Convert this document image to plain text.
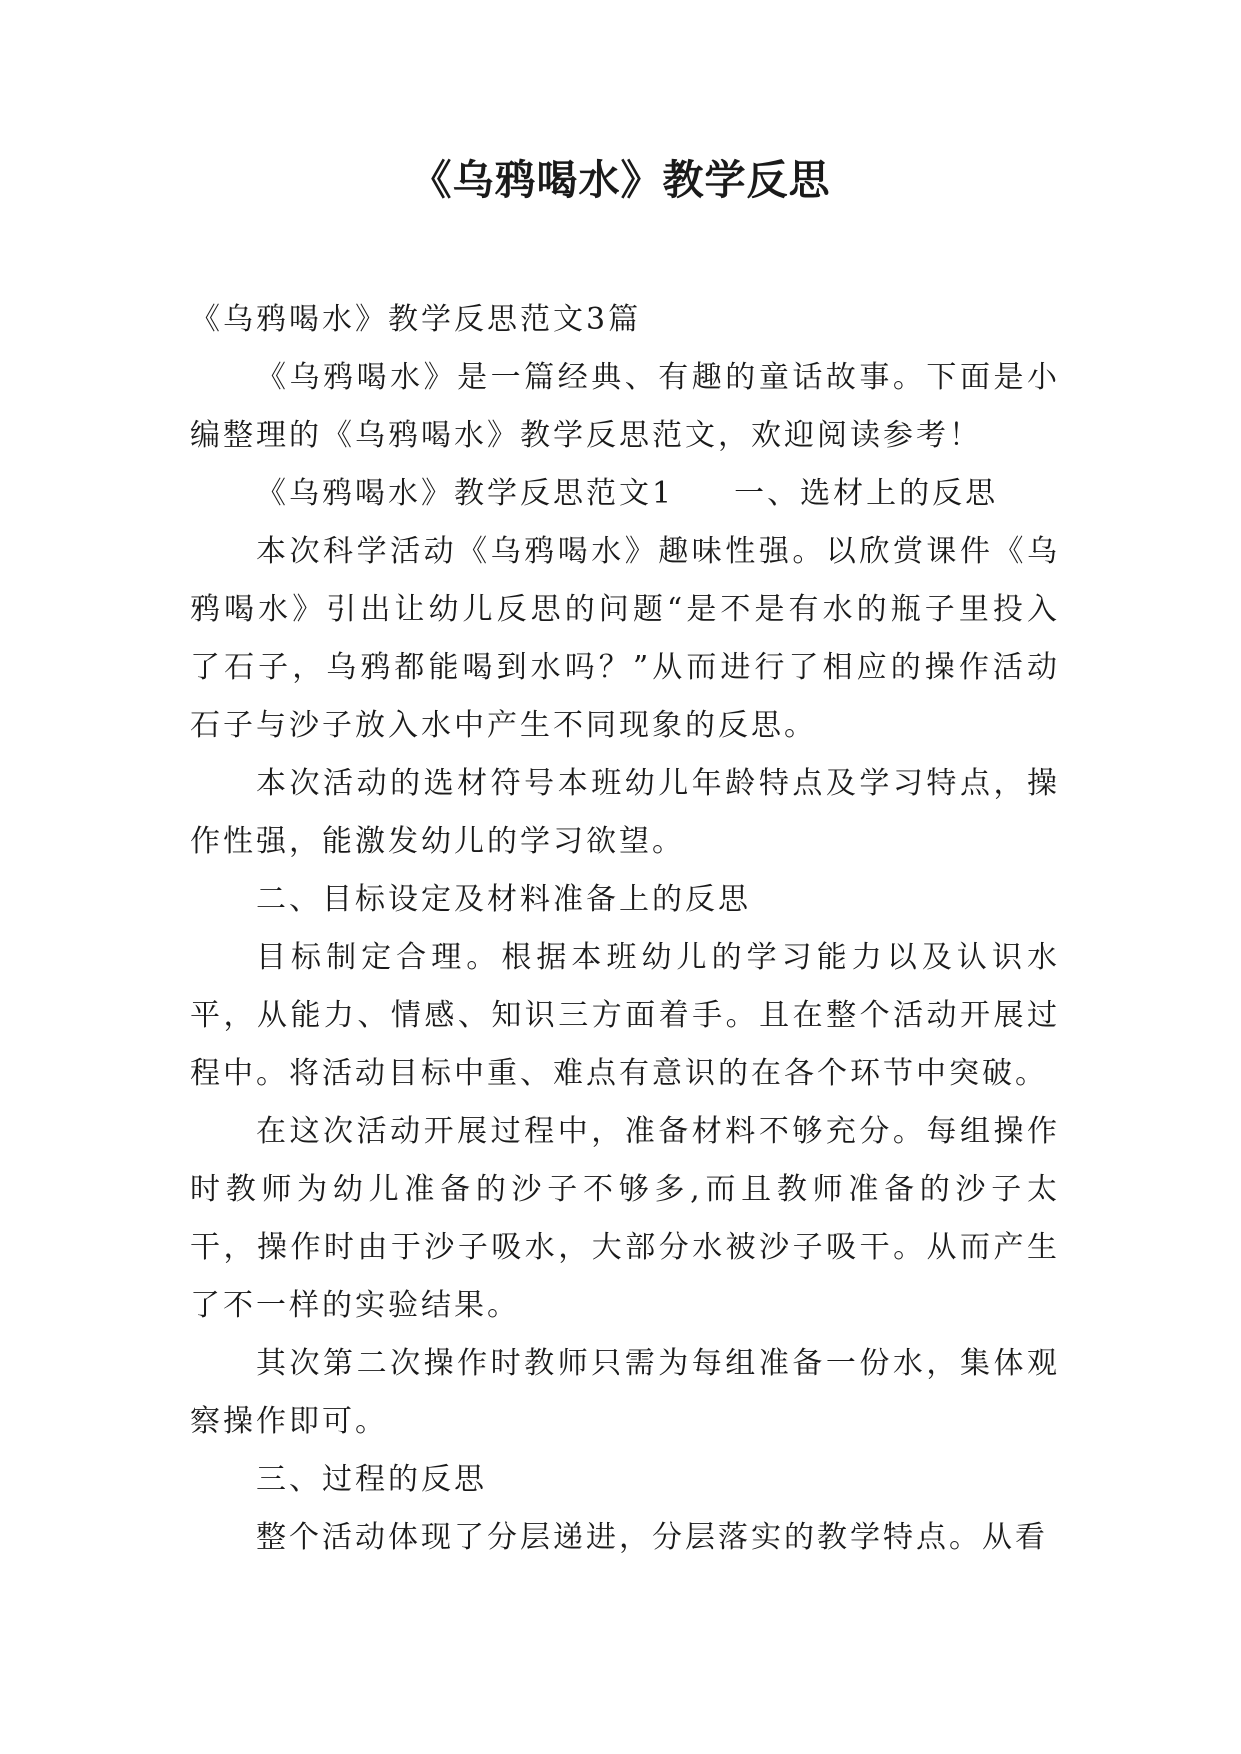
《乌鸦喝水》教学反思

《乌鸦喝水》教学反思范文3篇

《乌鸦喝水》是一篇经典、有趣的童话故事。下面是小编整理的《乌鸦喝水》教学反思范文，欢迎阅读参考！

《乌鸦喝水》教学反思范文1 一、选材上的反思

本次科学活动《乌鸦喝水》趣味性强。以欣赏课件《乌鸦喝水》引出让幼儿反思的问题“是不是有水的瓶子里投入了石子，乌鸦都能喝到水吗？”从而进行了相应的操作活动石子与沙子放入水中产生不同现象的反思。

本次活动的选材符号本班幼儿年龄特点及学习特点，操作性强，能激发幼儿的学习欲望。

二、目标设定及材料准备上的反思

目标制定合理。根据本班幼儿的学习能力以及认识水平，从能力、情感、知识三方面着手。且在整个活动开展过程中。将活动目标中重、难点有意识的在各个环节中突破。

在这次活动开展过程中，准备材料不够充分。每组操作时教师为幼儿准备的沙子不够多,而且教师准备的沙子太干，操作时由于沙子吸水，大部分水被沙子吸干。从而产生了不一样的实验结果。

其次第二次操作时教师只需为每组准备一份水，集体观察操作即可。

三、过程的反思

整个活动体现了分层递进，分层落实的教学特点。从看
